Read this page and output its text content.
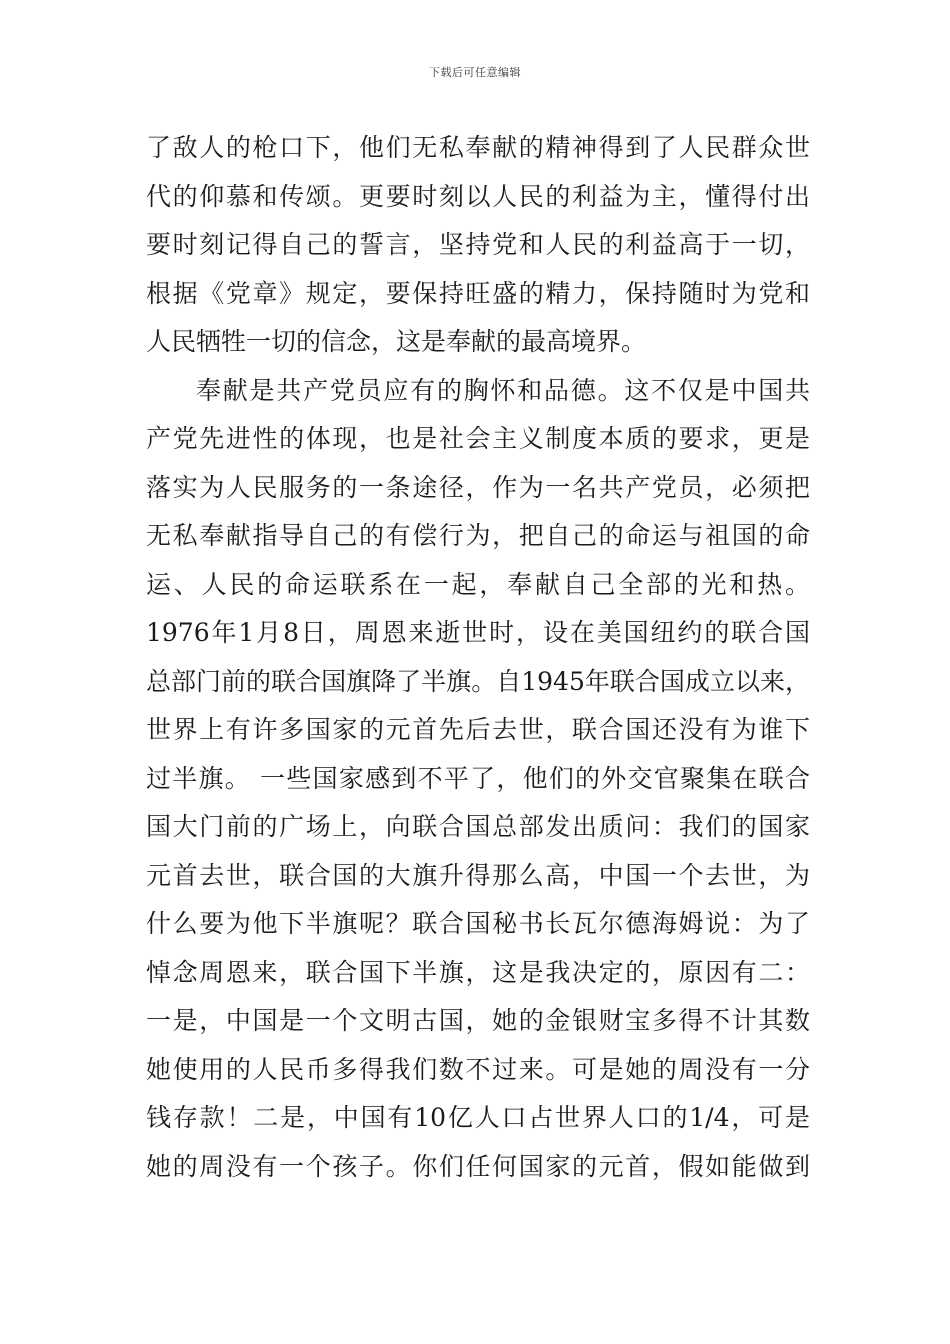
下载后可任意编辑
了敌人的枪口下，他们无私奉献的精神得到了人民群众世
代的仰慕和传颂。更要时刻以人民的利益为主，懂得付出
要时刻记得自己的誓言，坚持党和人民的利益高于一切，
根据《党章》规定，要保持旺盛的精力，保持随时为党和
人民牺牲一切的信念，这是奉献的最高境界。
奉献是共产党员应有的胸怀和品德。这不仅是中国共
产党先进性的体现，也是社会主义制度本质的要求，更是
落实为人民服务的一条途径，作为一名共产党员，必须把
无私奉献指导自己的有偿行为，把自己的命运与祖国的命
运、人民的命运联系在一起，奉献自己全部的光和热。
1976年1月8日，周恩来逝世时，设在美国纽约的联合国
总部门前的联合国旗降了半旗。自1945年联合国成立以来，
世界上有许多国家的元首先后去世，联合国还没有为谁下
过半旗。 一些国家感到不平了，他们的外交官聚集在联合
国大门前的广场上，向联合国总部发出质问：我们的国家
元首去世，联合国的大旗升得那么高，中国一个去世，为
什么要为他下半旗呢？联合国秘书长瓦尔德海姆说：为了
悼念周恩来，联合国下半旗，这是我决定的，原因有二：
一是，中国是一个文明古国，她的金银财宝多得不计其数
她使用的人民币多得我们数不过来。可是她的周没有一分
钱存款！二是，中国有10亿人口占世界人口的1/4，可是
她的周没有一个孩子。你们任何国家的元首，假如能做到
